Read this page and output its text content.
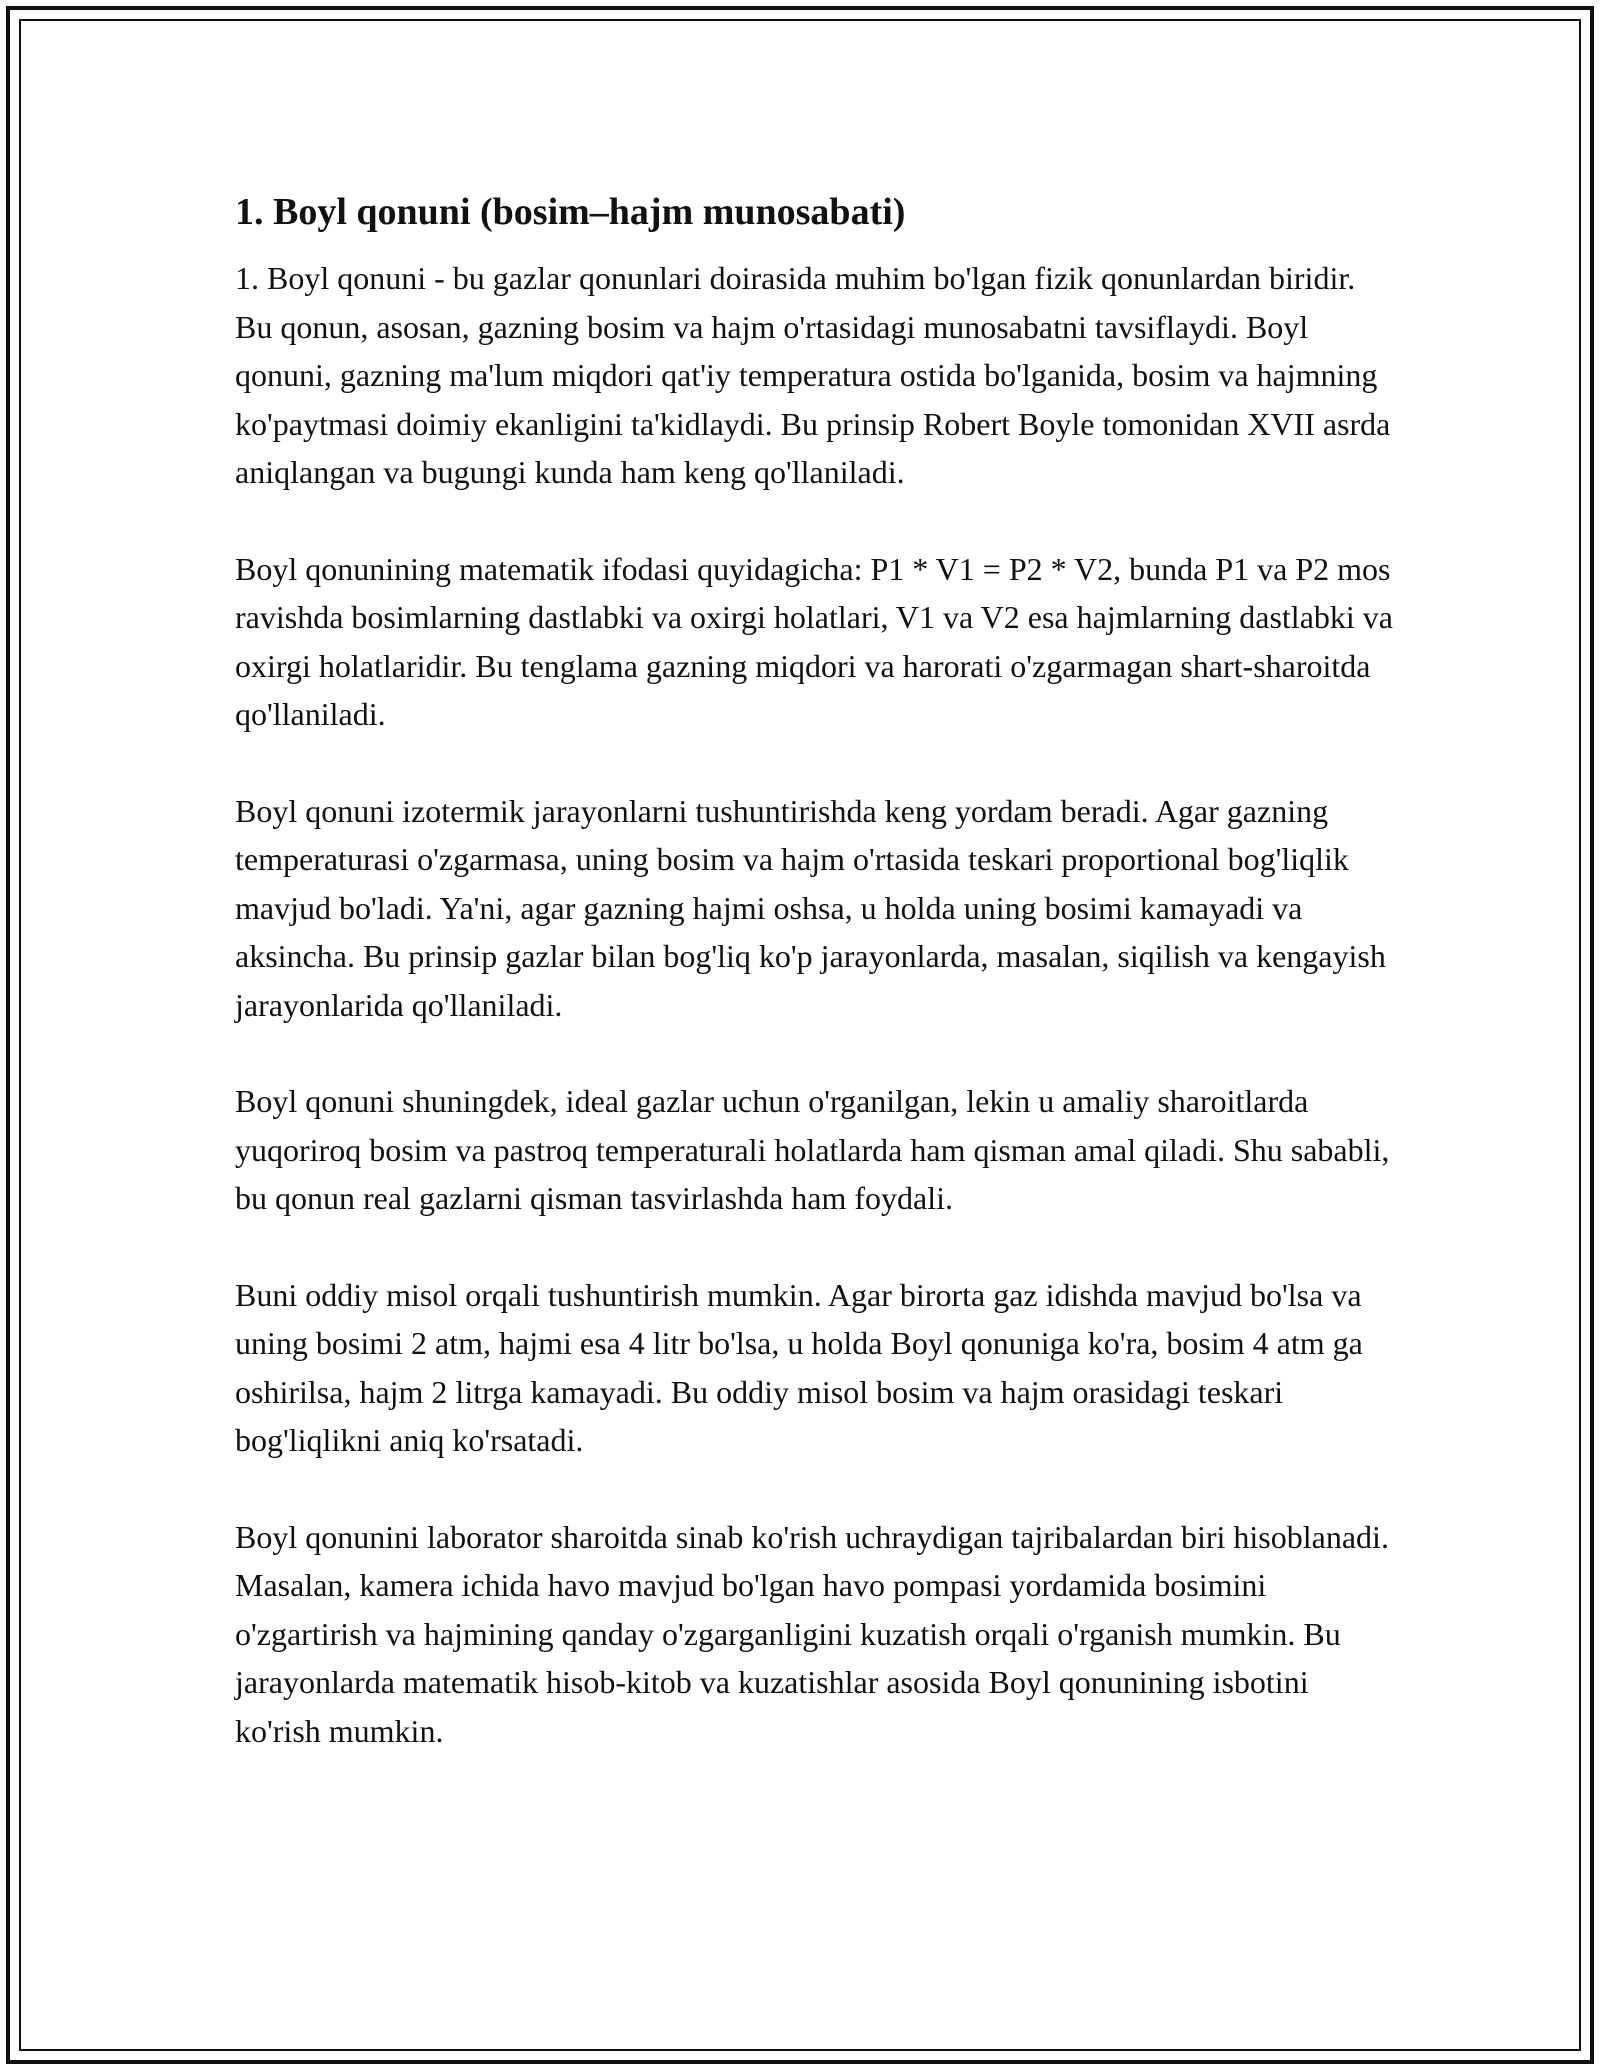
1. Boyl qonuni (bosim–hajm munosabati)

1. Boyl qonuni - bu gazlar qonunlari doirasida muhim bo'lgan fizik qonunlardan biridir. Bu qonun, asosan, gazning bosim va hajm o'rtasidagi munosabatni tavsiflaydi. Boyl qonuni, gazning ma'lum miqdori qat'iy temperatura ostida bo'lganida, bosim va hajmning ko'paytmasi doimiy ekanligini ta'kidlaydi. Bu prinsip Robert Boyle tomonidan XVII asrda aniqlangan va bugungi kunda ham keng qo'llaniladi.

Boyl qonunining matematik ifodasi quyidagicha: P1 * V1 = P2 * V2, bunda P1 va P2 mos ravishda bosimlarning dastlabki va oxirgi holatlari, V1 va V2 esa hajmlarning dastlabki va oxirgi holatlaridir. Bu tenglama gazning miqdori va harorati o'zgarmagan shart-sharoitda qo'llaniladi.

Boyl qonuni izotermik jarayonlarni tushuntirishda keng yordam beradi. Agar gazning temperaturasi o'zgarmasa, uning bosim va hajm o'rtasida teskari proportional bog'liqlik mavjud bo'ladi. Ya'ni, agar gazning hajmi oshsa, u holda uning bosimi kamayadi va aksincha. Bu prinsip gazlar bilan bog'liq ko'p jarayonlarda, masalan, siqilish va kengayish jarayonlarida qo'llaniladi.

Boyl qonuni shuningdek, ideal gazlar uchun o'rganilgan, lekin u amaliy sharoitlarda yuqoriroq bosim va pastroq temperaturali holatlarda ham qisman amal qiladi. Shu sababli, bu qonun real gazlarni qisman tasvirlashda ham foydali.

Buni oddiy misol orqali tushuntirish mumkin. Agar birorta gaz idishda mavjud bo'lsa va uning bosimi 2 atm, hajmi esa 4 litr bo'lsa, u holda Boyl qonuniga ko'ra, bosim 4 atm ga oshirilsa, hajm 2 litrga kamayadi. Bu oddiy misol bosim va hajm orasidagi teskari bog'liqlikni aniq ko'rsatadi.

Boyl qonunini laborator sharoitda sinab ko'rish uchraydigan tajribalardan biri hisoblanadi. Masalan, kamera ichida havo mavjud bo'lgan havo pompasi yordamida bosimini o'zgartirish va hajmining qanday o'zgarganligini kuzatish orqali o'rganish mumkin. Bu jarayonlarda matematik hisob-kitob va kuzatishlar asosida Boyl qonunining isbotini ko'rish mumkin.
